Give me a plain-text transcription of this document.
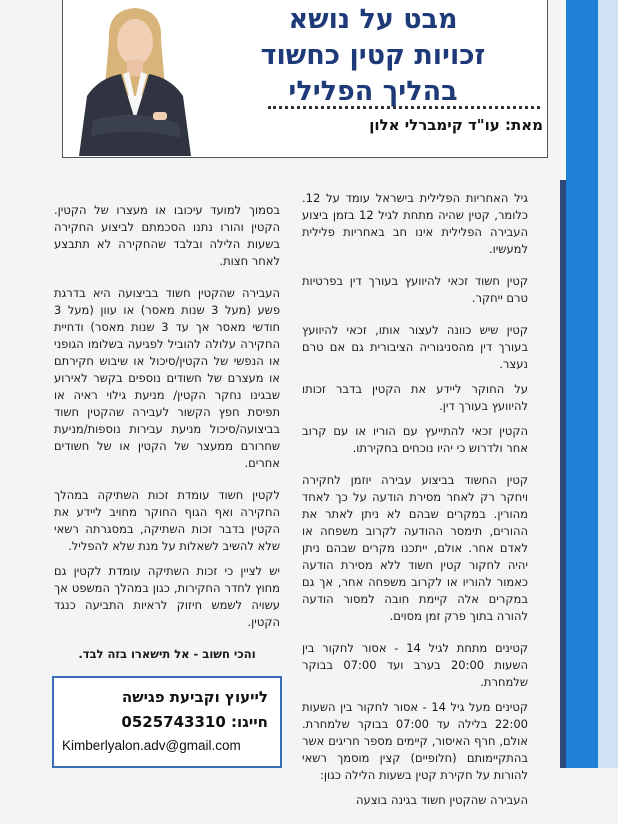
מבט על נושא
זכויות קטין כחשוד
בהליך הפלילי
מאת: עו"ד קימברלי אלון

גיל האחריות הפלילית בישראל עומד על 12. כלומר, קטין שהיה מתחת לגיל 12 בזמן ביצוע העבירה הפלילית אינו חב באחריות פלילית למעשיו.

קטין חשוד זכאי להיוועץ בעורך דין בפרטיות טרם ייחקר.

קטין שיש כוונה לעצור אותו, זכאי להיוועץ בעורך דין מהסניגוריה הציבורית גם אם טרם נעצר.

על החוקר ליידע את הקטין בדבר זכותו להיוועץ בעורך דין.

הקטין זכאי להתייעץ עם הוריו או עם קרוב אחר ולדרוש כי יהיו נוכחים בחקירתו.

קטין החשוד בביצוע עבירה יוזמן לחקירה ויחקר רק לאחר מסירת הודעה על כך לאחד מהורין. במקרים שבהם לא ניתן לאתר את ההורים, תימסר ההודעה לקרוב משפחה או לאדם אחר. אולם, ייתכנו מקרים שבהם ניתן יהיה לחקור קטין חשוד ללא מסירת הודעה כאמור להוריו או לקרוב משפחה אחר, אך גם במקרים אלה קיימת חובה למסור הודעה להורה בתוך פרק זמן מסוים.

קטינים מתחת לגיל 14 - אסור לחקור בין השעות 20:00 בערב ועד 07:00 בבוקר שלמחרת.

קטינים מעל גיל 14 - אסור לחקור בין השעות 22:00 בלילה עד 07:00 בבוקר שלמחרת. אולם, חרף האיסור, קיימים מספר חריגים אשר בהתקיימותם (חלופיים) קצין מוסמך רשאי להורות על חקירת קטין בשעות הלילה כגון:

העבירה שהקטין חשוד בגינה בוצעה

בסמוך למועד עיכובו או מעצרו של הקטין. הקטין והורו נתנו הסכמתם לביצוע החקירה בשעות הלילה ובלבד שהחקירה לא תתבצע לאחר חצות.

העבירה שהקטין חשוד בביצועה היא בדרגת פשע (מעל 3 שנות מאסר) או עוון (מעל 3 חודשי מאסר אך עד 3 שנות מאסר) ודחיית החקירה עלולה להוביל לפגיעה בשלומו הגופני או הנפשי של הקטין/סיכול או שיבוש חקירתם או מעצרם של חשודים נוספים בקשר לאירוע שבגינו נחקר הקטין/ מניעת גילוי ראיה או תפיסת חפץ הקשור לעבירה שהקטין חשוד בביצועה/סיכול מניעת עבירות נוספות/מניעת שחרורם ממעצר של הקטין או של חשודים אחרים.

לקטין חשוד עומדת זכות השתיקה במהלך החקירה ואף הגוף החוקר מחויב ליידע את הקטין בדבר זכות השתיקה, במסגרתה רשאי שלא להשיב לשאלות על מנת שלא להפליל.

יש לציין כי זכות השתיקה עומדת לקטין גם מחוץ לחדר החקירות, כגון במהלך המשפט אך עשויה לשמש חיזוק לראיות התביעה כנגד הקטין.

והכי חשוב - אל תישארו בזה לבד.

לייעוץ וקביעת פגישה
חייגו: 0525743310
Kimberlyalon.adv@gmail.com
